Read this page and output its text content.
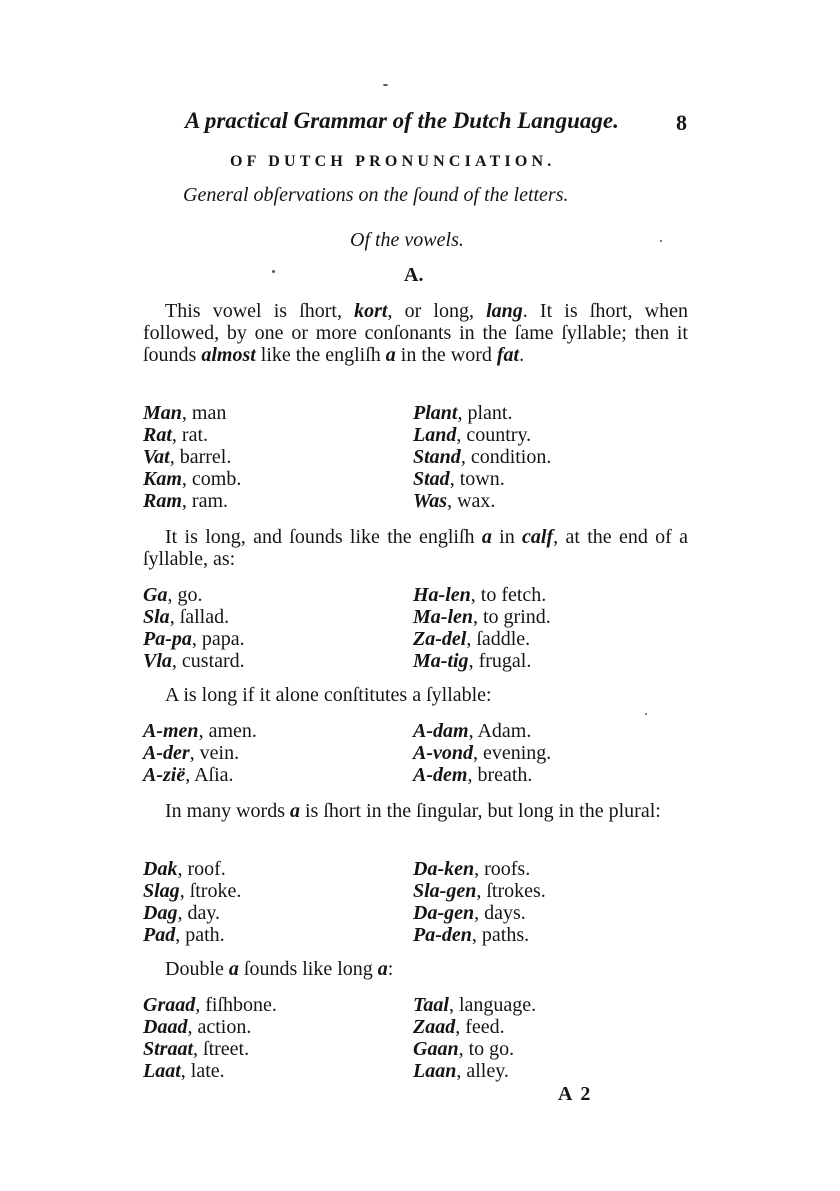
A practical Grammar of the Dutch Language.	8
OF DUTCH PRONUNCIATION.
General obſervations on the ſound of the letters.
Of the vowels.
A.
This vowel is ſhort, kort, or long, lang. It is ſhort, when followed, by one or more conſonants in the ſame ſyllable; then it ſounds almost like the engliſh a in the word fat.
Man, man
Rat, rat.
Vat, barrel.
Kam, comb.
Ram, ram.
Plant, plant.
Land, country.
Stand, condition.
Stad, town.
Was, wax.
It is long, and ſounds like the engliſh a in calf, at the end of a ſyllable, as:
Ga, go.
Sla, ſallad.
Pa-pa, papa.
Vla, custard.
Ha-len, to fetch.
Ma-len, to grind.
Za-del, ſaddle.
Ma-tig, frugal.
A is long if it alone conſtitutes a ſyllable:
A-men, amen.
A-der, vein.
A-zië, Aſia.
A-dam, Adam.
A-vond, evening.
A-dem, breath.
In many words a is ſhort in the ſingular, but long in the plural:
Dak, roof.
Slag, ſtroke.
Dag, day.
Pad, path.
Da-ken, roofs.
Sla-gen, ſtrokes.
Da-gen, days.
Pa-den, paths.
Double a ſounds like long a:
Graad, fiſhbone.
Daad, action.
Straat, ſtreet.
Laat, late.
Taal, language.
Zaad, feed.
Gaan, to go.
Laan, alley.
A 2
